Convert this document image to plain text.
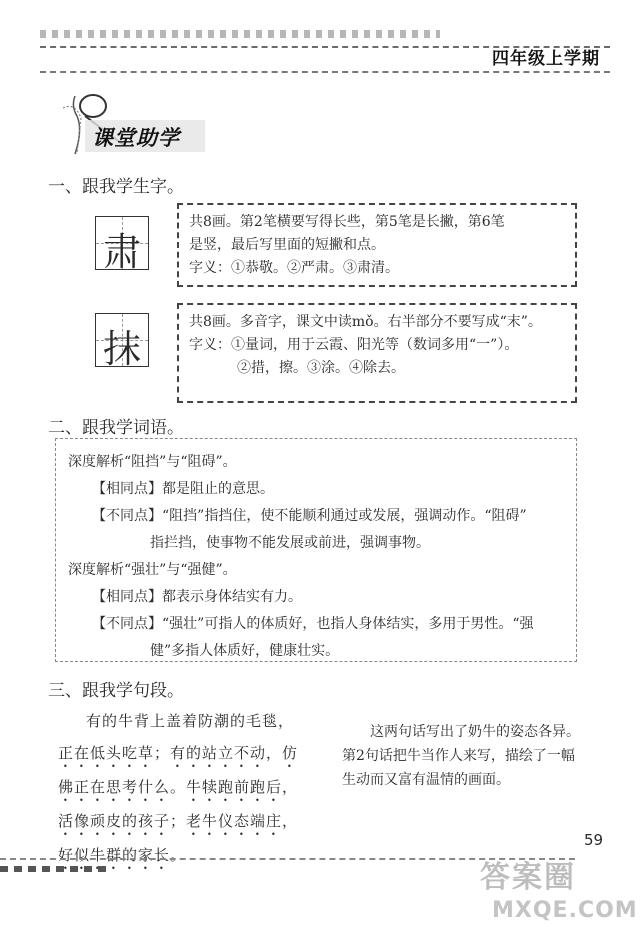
四年级上学期
课堂助学
一、跟我学生字。
肃

共8画。第2笔横要写得长些，第5笔是长撇，第6笔

是竖，最后写里面的短撇和点。

字义：①恭敬。②严肃。③肃清。

抹

共8画。多音字，课文中读mǒ。右半部分不要写成“末”。

字义：①量词，用于云霞、阳光等（数词多用“一”）。

②措，擦。③涂。④除去。

二、跟我学词语。

深度解析“阻挡”与“阻碍”。

【相同点】都是阻止的意思。

【不同点】“阻挡”指挡住，使不能顺利通过或发展，强调动作。“阻碍”

指拦挡，使事物不能发展或前进，强调事物。

深度解析“强壮”与“强健”。

【相同点】都表示身体结实有力。

【不同点】“强壮”可指人的体质好，也指人身体结实，多用于男性。“强

健”多指人体质好，健康壮实。

三、跟我学句段。

有的牛背上盖着防潮的毛毯，

正在低头吃草；有的站立不动，仿

佛正在思考什么。牛犊跑前跑后，

活像顽皮的孩子；老牛仪态端庄，

好似牛群的家长。

这两句话写出了奶牛的姿态各异。第2句话把牛当作人来写，描绘了一幅生动而又富有温情的画面。

59
答案圈
MXQE.COM
